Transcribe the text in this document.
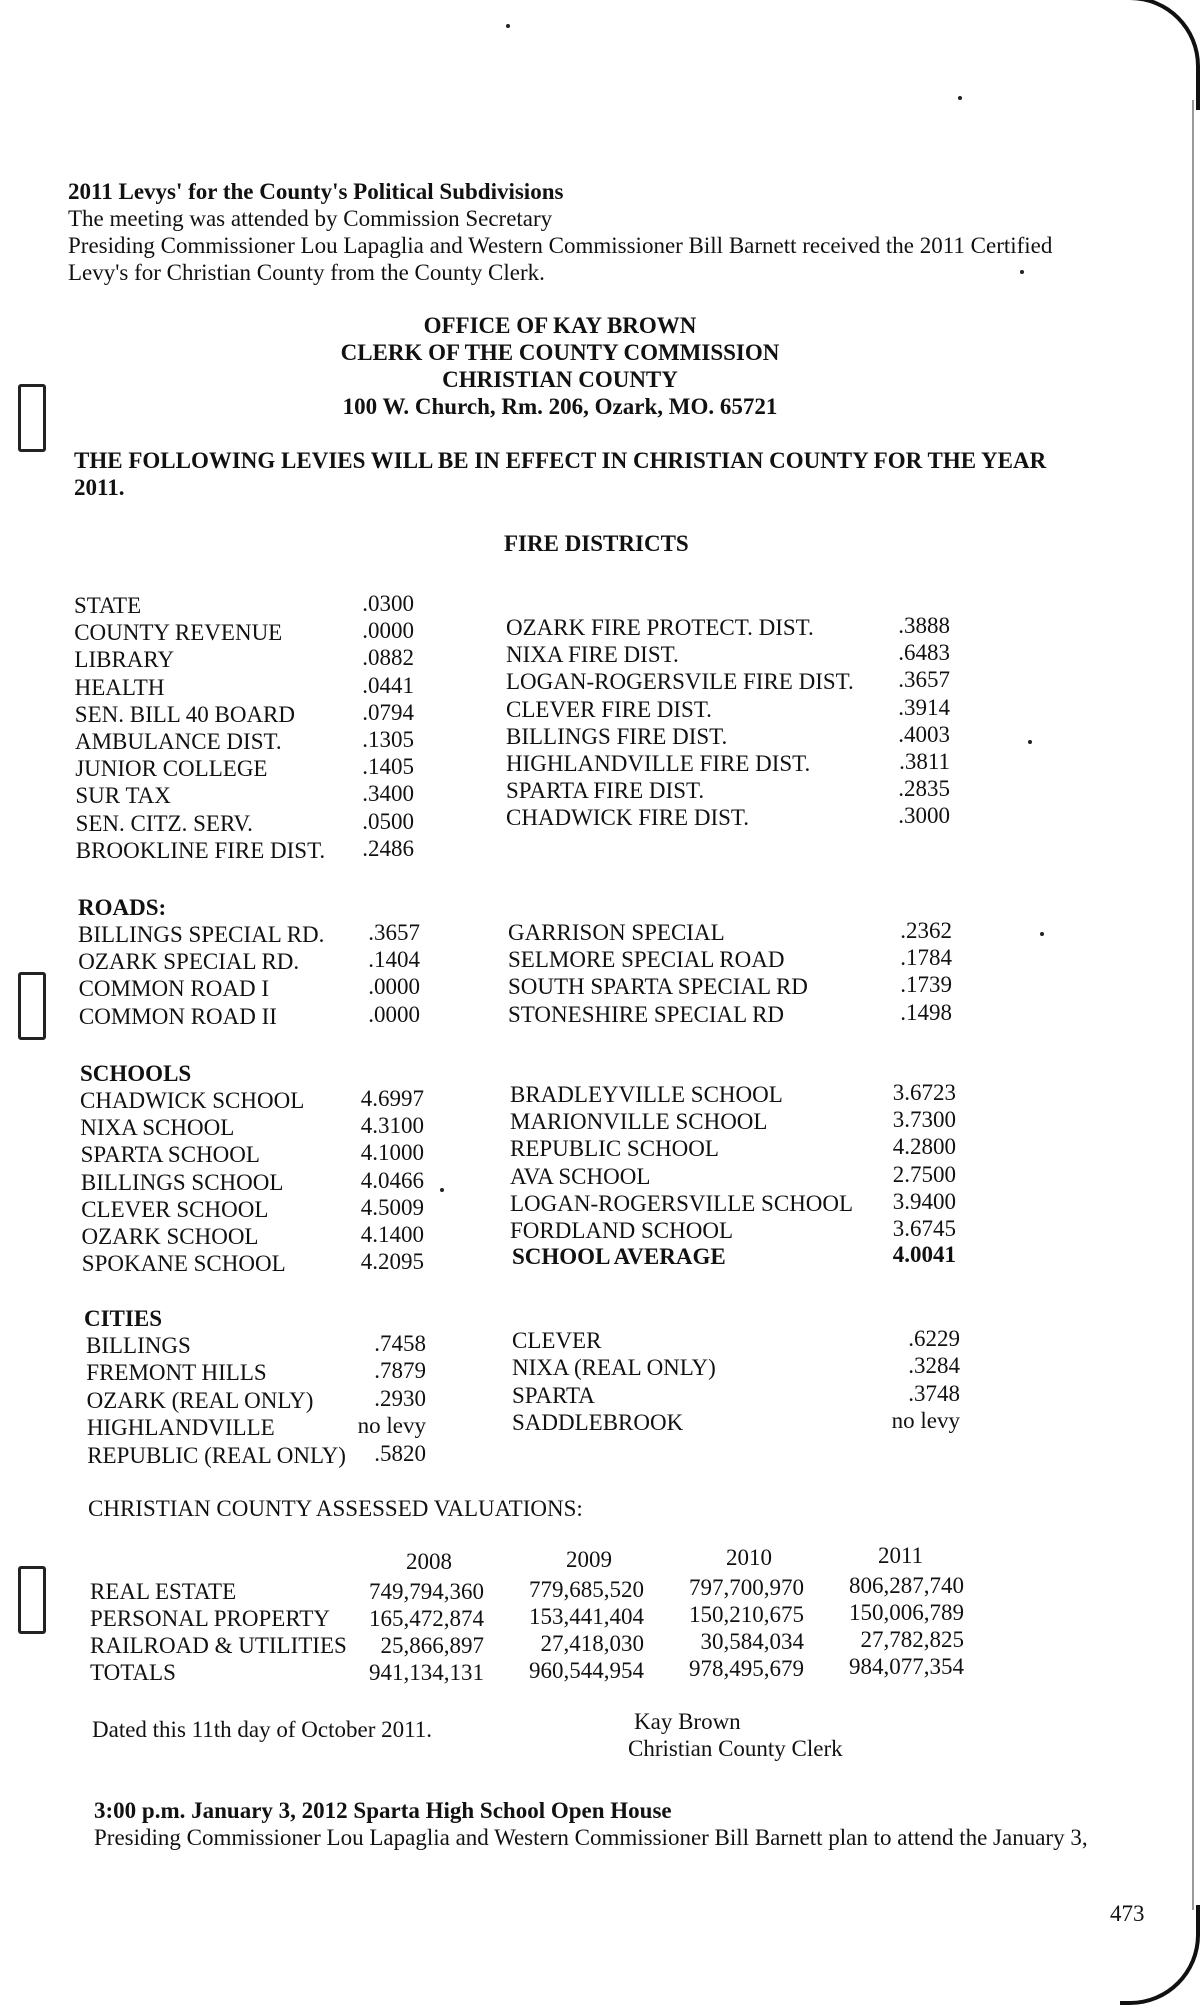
2011 Levys' for the County's Political Subdivisions
The meeting was attended by Commission Secretary
Presiding Commissioner Lou Lapaglia and Western Commissioner Bill Barnett received the 2011 Certified
Levy's for Christian County from the County Clerk.
OFFICE OF KAY BROWN
CLERK OF THE COUNTY COMMISSION
CHRISTIAN COUNTY
100 W. Church, Rm. 206, Ozark, MO. 65721
THE FOLLOWING LEVIES WILL BE IN EFFECT IN CHRISTIAN COUNTY FOR THE YEAR
2011.
FIRE DISTRICTS
STATE	.0300
COUNTY REVENUE	.0000
LIBRARY	.0882
HEALTH	.0441
SEN. BILL 40 BOARD	.0794
AMBULANCE DIST.	.1305
JUNIOR COLLEGE	.1405
SUR TAX	.3400
SEN. CITZ. SERV.	.0500
BROOKLINE FIRE DIST.	.2486
OZARK FIRE PROTECT. DIST.	.3888
NIXA FIRE DIST.	.6483
LOGAN-ROGERSVILE FIRE DIST.	.3657
CLEVER FIRE DIST.	.3914
BILLINGS FIRE DIST.	.4003
HIGHLANDVILLE FIRE DIST.	.3811
SPARTA FIRE DIST.	.2835
CHADWICK FIRE DIST.	.3000
ROADS:
BILLINGS SPECIAL RD.	.3657
OZARK SPECIAL RD.	.1404
COMMON ROAD I	.0000
COMMON ROAD II	.0000
GARRISON SPECIAL	.2362
SELMORE SPECIAL ROAD	.1784
SOUTH SPARTA SPECIAL RD	.1739
STONESHIRE SPECIAL RD	.1498
SCHOOLS
CHADWICK SCHOOL	4.6997
NIXA SCHOOL	4.3100
SPARTA SCHOOL	4.1000
BILLINGS SCHOOL	4.0466
CLEVER SCHOOL	4.5009
OZARK SCHOOL	4.1400
SPOKANE SCHOOL	4.2095
BRADLEYVILLE SCHOOL	3.6723
MARIONVILLE SCHOOL	3.7300
REPUBLIC SCHOOL	4.2800
AVA SCHOOL	2.7500
LOGAN-ROGERSVILLE SCHOOL	3.9400
FORDLAND SCHOOL	3.6745
SCHOOL AVERAGE	4.0041
CITIES
BILLINGS	.7458
FREMONT HILLS	.7879
OZARK (REAL ONLY)	.2930
HIGHLANDVILLE	no levy
REPUBLIC (REAL ONLY)	.5820
CLEVER	.6229
NIXA (REAL ONLY)	.3284
SPARTA	.3748
SADDLEBROOK	no levy
CHRISTIAN COUNTY ASSESSED VALUATIONS:
2008	2009	2010	2011
REAL ESTATE	749,794,360	779,685,520	797,700,970	806,287,740
PERSONAL PROPERTY	165,472,874	153,441,404	150,210,675	150,006,789
RAILROAD & UTILITIES	25,866,897	27,418,030	30,584,034	27,782,825
TOTALS	941,134,131	960,544,954	978,495,679	984,077,354
Dated this 11th day of October 2011.	Kay Brown
Christian County Clerk
3:00 p.m. January 3, 2012 Sparta High School Open House
Presiding Commissioner Lou Lapaglia and Western Commissioner Bill Barnett plan to attend the January 3,
473
